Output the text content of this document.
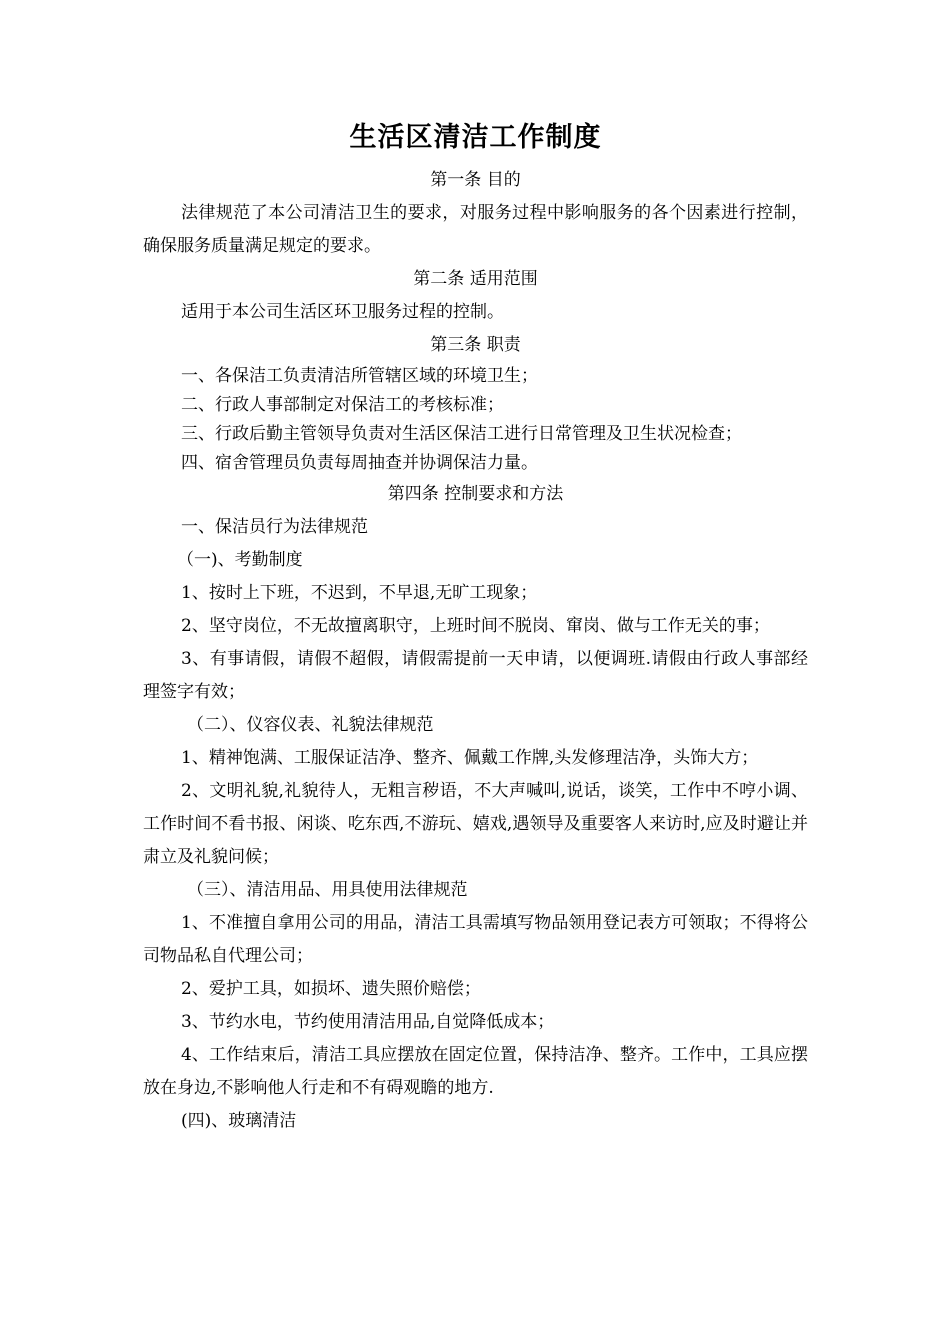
生活区清洁工作制度

第一条 目的

法律规范了本公司清洁卫生的要求，对服务过程中影响服务的各个因素进行控制，确保服务质量满足规定的要求。

第二条 适用范围

适用于本公司生活区环卫服务过程的控制。

第三条 职责

一、各保洁工负责清洁所管辖区域的环境卫生；

二、行政人事部制定对保洁工的考核标准；

三、行政后勤主管领导负责对生活区保洁工进行日常管理及卫生状况检查；

四、宿舍管理员负责每周抽查并协调保洁力量。

第四条 控制要求和方法

一、保洁员行为法律规范

（一)、考勤制度

1、按时上下班，不迟到，不早退,无旷工现象；

2、坚守岗位，不无故擅离职守，上班时间不脱岗、窜岗、做与工作无关的事；

3、有事请假，请假不超假，请假需提前一天申请，以便调班.请假由行政人事部经理签字有效；

（二）、仪容仪表、礼貌法律规范

1、精神饱满、工服保证洁净、整齐、佩戴工作牌,头发修理洁净，头饰大方；

2、文明礼貌,礼貌待人，无粗言秽语，不大声喊叫,说话，谈笑，工作中不哼小调、工作时间不看书报、闲谈、吃东西,不游玩、嬉戏,遇领导及重要客人来访时,应及时避让并肃立及礼貌问候；

（三）、清洁用品、用具使用法律规范

1、不准擅自拿用公司的用品，清洁工具需填写物品领用登记表方可领取；不得将公司物品私自代理公司；

2、爱护工具，如损坏、遗失照价赔偿；

3、节约水电，节约使用清洁用品,自觉降低成本；

4、工作结束后，清洁工具应摆放在固定位置，保持洁净、整齐。工作中，工具应摆放在身边,不影响他人行走和不有碍观瞻的地方.

(四)、玻璃清洁
